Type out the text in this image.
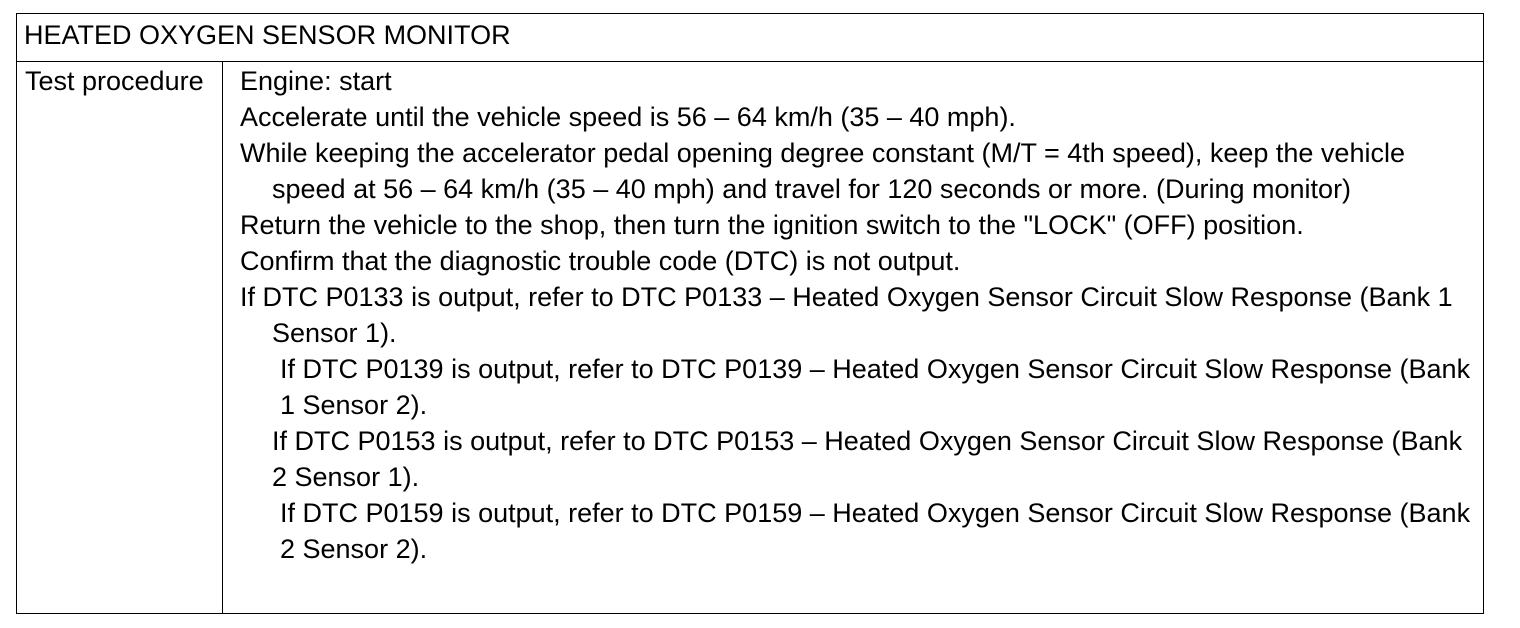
HEATED OXYGEN SENSOR MONITOR
Test procedure	Engine: start
Accelerate until the vehicle speed is 56 – 64 km/h (35 – 40 mph).
While keeping the accelerator pedal opening degree constant (M/T = 4th speed), keep the vehicle speed at 56 – 64 km/h (35 – 40 mph) and travel for 120 seconds or more. (During monitor)
Return the vehicle to the shop, then turn the ignition switch to the "LOCK" (OFF) position.
Confirm that the diagnostic trouble code (DTC) is not output.
If DTC P0133 is output, refer to DTC P0133 – Heated Oxygen Sensor Circuit Slow Response (Bank 1 Sensor 1).
If DTC P0139 is output, refer to DTC P0139 – Heated Oxygen Sensor Circuit Slow Response (Bank 1 Sensor 2).
If DTC P0153 is output, refer to DTC P0153 – Heated Oxygen Sensor Circuit Slow Response (Bank 2 Sensor 1).
If DTC P0159 is output, refer to DTC P0159 – Heated Oxygen Sensor Circuit Slow Response (Bank 2 Sensor 2).
